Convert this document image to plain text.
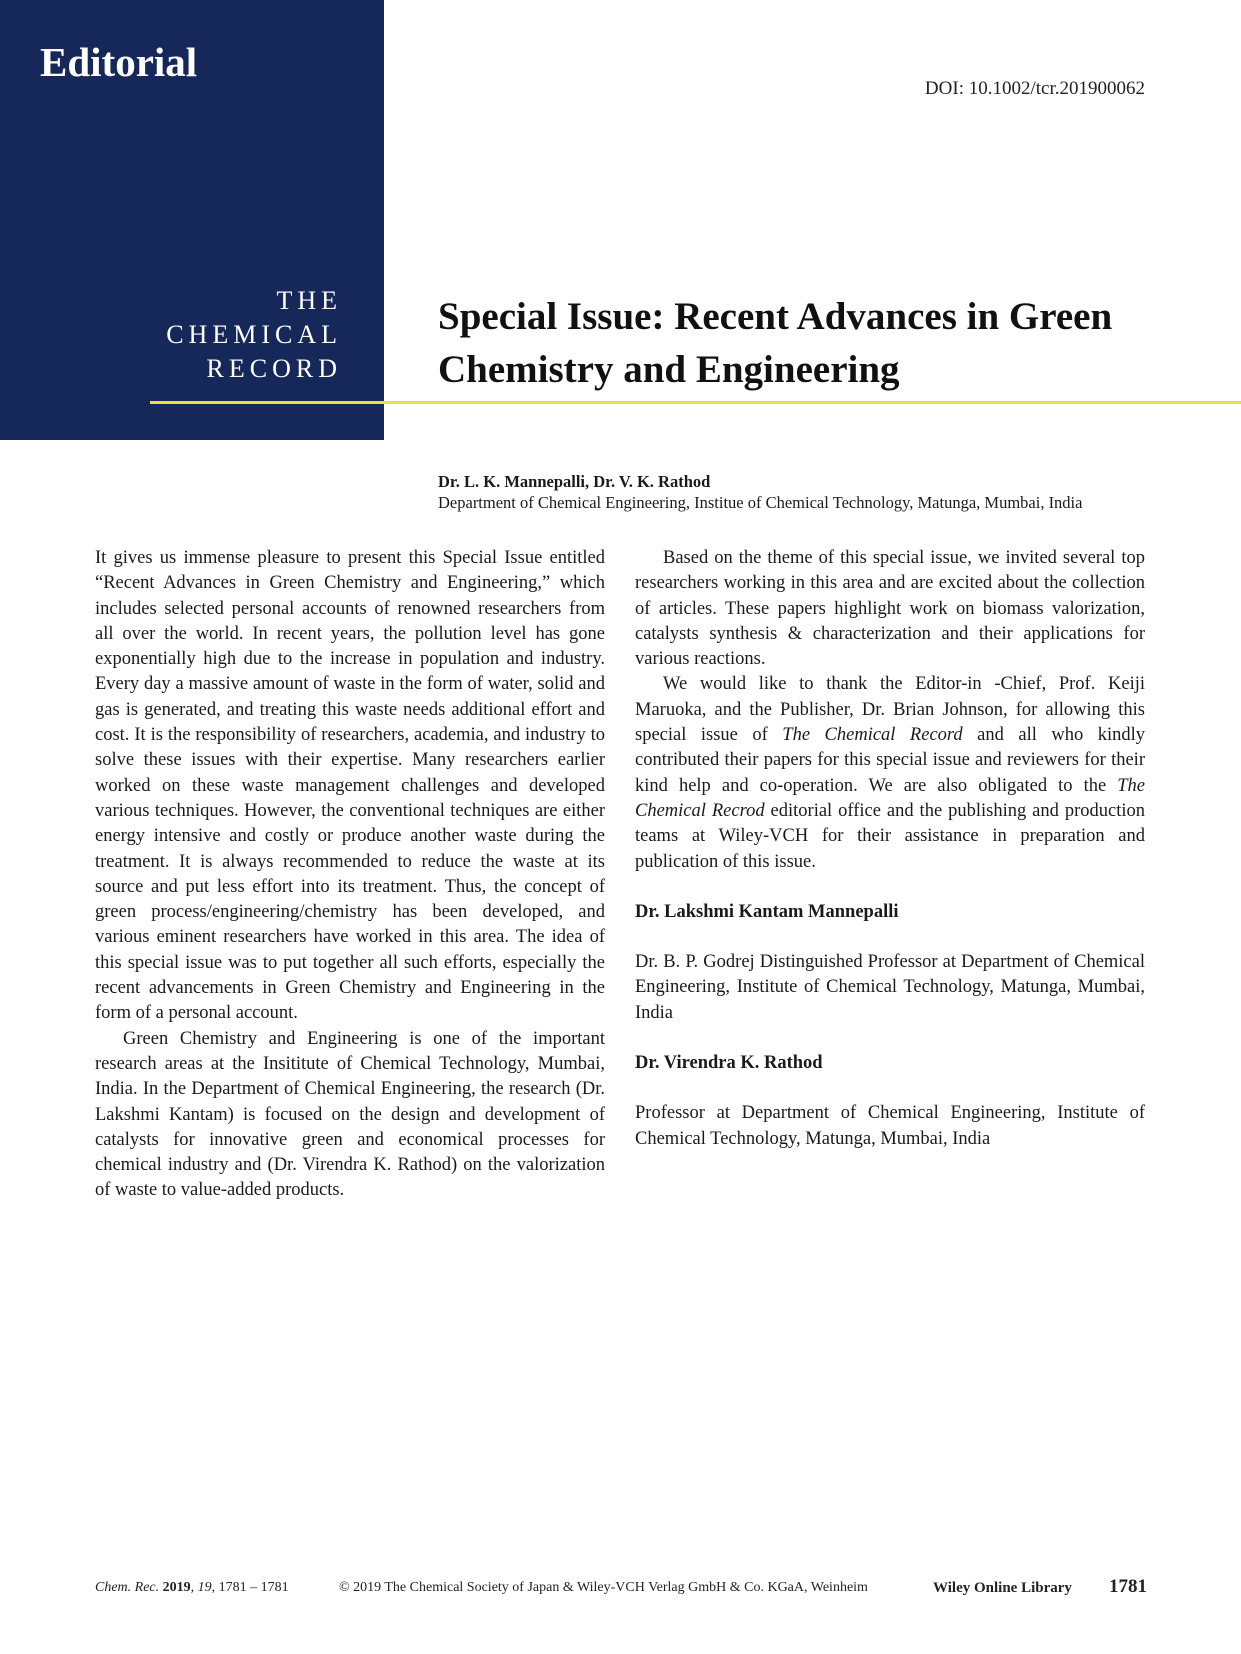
Editorial
THE
CHEMICAL
RECORD
DOI: 10.1002/tcr.201900062
Special Issue: Recent Advances in Green Chemistry and Engineering
Dr. L. K. Mannepalli, Dr. V. K. Rathod
Department of Chemical Engineering, Institue of Chemical Technology, Matunga, Mumbai, India

It gives us immense pleasure to present this Special Issue entitled “Recent Advances in Green Chemistry and Engineering,” which includes selected personal accounts of renowned researchers from all over the world. In recent years, the pollution level has gone exponentially high due to the increase in population and industry. Every day a massive amount of waste in the form of water, solid and gas is generated, and treating this waste needs additional effort and cost. It is the responsibility of researchers, academia, and industry to solve these issues with their expertise. Many researchers earlier worked on these waste management challenges and developed various techniques. However, the conventional techniques are either energy intensive and costly or produce another waste during the treatment. It is always recommended to reduce the waste at its source and put less effort into its treatment. Thus, the concept of green process/engineering/chemistry has been developed, and various eminent researchers have worked in this area. The idea of this special issue was to put together all such efforts, especially the recent advancements in Green Chemistry and Engineering in the form of a personal account.

Green Chemistry and Engineering is one of the important research areas at the Insititute of Chemical Technology, Mumbai, India. In the Department of Chemical Engineering, the research (Dr. Lakshmi Kantam) is focused on the design and development of catalysts for innovative green and economical processes for chemical industry and (Dr. Virendra K. Rathod) on the valorization of waste to value-added products.

Based on the theme of this special issue, we invited several top researchers working in this area and are excited about the collection of articles. These papers highlight work on biomass valorization, catalysts synthesis & characterization and their applications for various reactions.

We would like to thank the Editor-in -Chief, Prof. Keiji Maruoka, and the Publisher, Dr. Brian Johnson, for allowing this special issue of The Chemical Record and all who kindly contributed their papers for this special issue and reviewers for their kind help and co-operation. We are also obligated to the The Chemical Recrod editorial office and the publishing and production teams at Wiley-VCH for their assistance in preparation and publication of this issue.

Dr. Lakshmi Kantam Mannepalli

Dr. B. P. Godrej Distinguished Professor at Department of Chemical Engineering, Institute of Chemical Technology, Matunga, Mumbai, India

Dr. Virendra K. Rathod

Professor at Department of Chemical Engineering, Institute of Chemical Technology, Matunga, Mumbai, India

Chem. Rec. 2019, 19, 1781 – 1781	© 2019 The Chemical Society of Japan & Wiley-VCH Verlag GmbH & Co. KGaA, Weinheim	Wiley Online Library 1781
